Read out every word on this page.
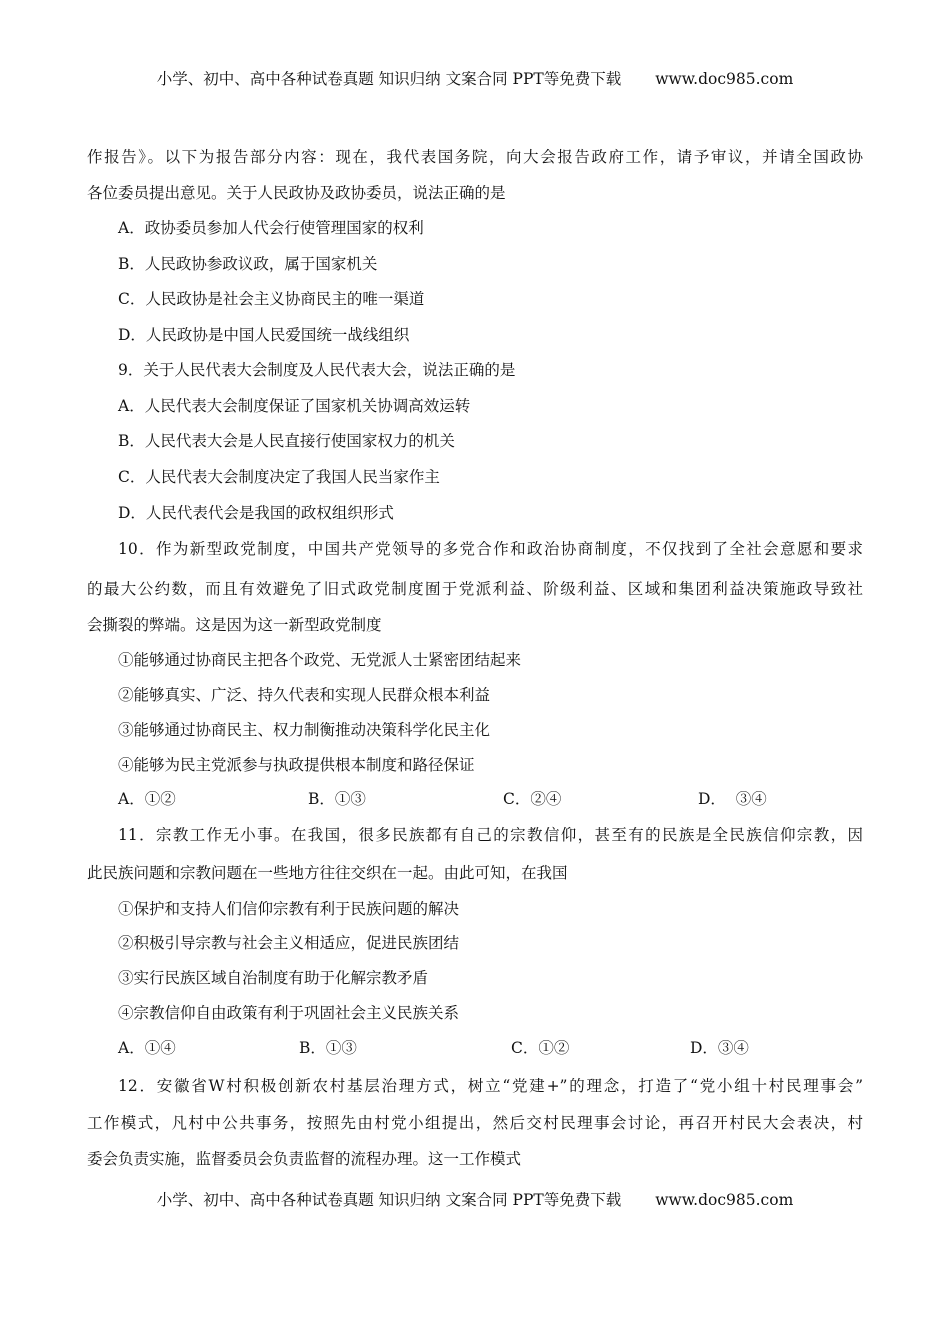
小学、初中、高中各种试卷真题 知识归纳 文案合同 PPT等免费下载 www.doc985.com
作报告》。以下为报告部分内容：现在，我代表国务院，向大会报告政府工作，请予审议，并请全国政协
各位委员提出意见。关于人民政协及政协委员，说法正确的是
A．政协委员参加人代会行使管理国家的权利
B．人民政协参政议政，属于国家机关
C．人民政协是社会主义协商民主的唯一渠道
D．人民政协是中国人民爱国统一战线组织
9．关于人民代表大会制度及人民代表大会，说法正确的是
A．人民代表大会制度保证了国家机关协调高效运转
B．人民代表大会是人民直接行使国家权力的机关
C．人民代表大会制度决定了我国人民当家作主
D．人民代表代会是我国的政权组织形式
10．作为新型政党制度，中国共产党领导的多党合作和政治协商制度，不仅找到了全社会意愿和要求
的最大公约数，而且有效避免了旧式政党制度囿于党派利益、阶级利益、区域和集团利益决策施政导致社
会撕裂的弊端。这是因为这一新型政党制度
①能够通过协商民主把各个政党、无党派人士紧密团结起来
②能够真实、广泛、持久代表和实现人民群众根本利益
③能够通过协商民主、权力制衡推动决策科学化民主化
④能够为民主党派参与执政提供根本制度和路径保证
A．①②	B．①③	C．②④	D．  ③④
11．宗教工作无小事。在我国，很多民族都有自己的宗教信仰，甚至有的民族是全民族信仰宗教，因
此民族问题和宗教问题在一些地方往往交织在一起。由此可知，在我国
①保护和支持人们信仰宗教有利于民族问题的解决
②积极引导宗教与社会主义相适应，促进民族团结
③实行民族区域自治制度有助于化解宗教矛盾
④宗教信仰自由政策有利于巩固社会主义民族关系
A．①④	B．①③	C．①②	D．③④
12．安徽省W村积极创新农村基层治理方式，树立“党建+”的理念，打造了“党小组十村民理事会”
工作模式，凡村中公共事务，按照先由村党小组提出，然后交村民理事会讨论，再召开村民大会表决，村
委会负责实施，监督委员会负责监督的流程办理。这一工作模式
小学、初中、高中各种试卷真题 知识归纳 文案合同 PPT等免费下载 www.doc985.com
